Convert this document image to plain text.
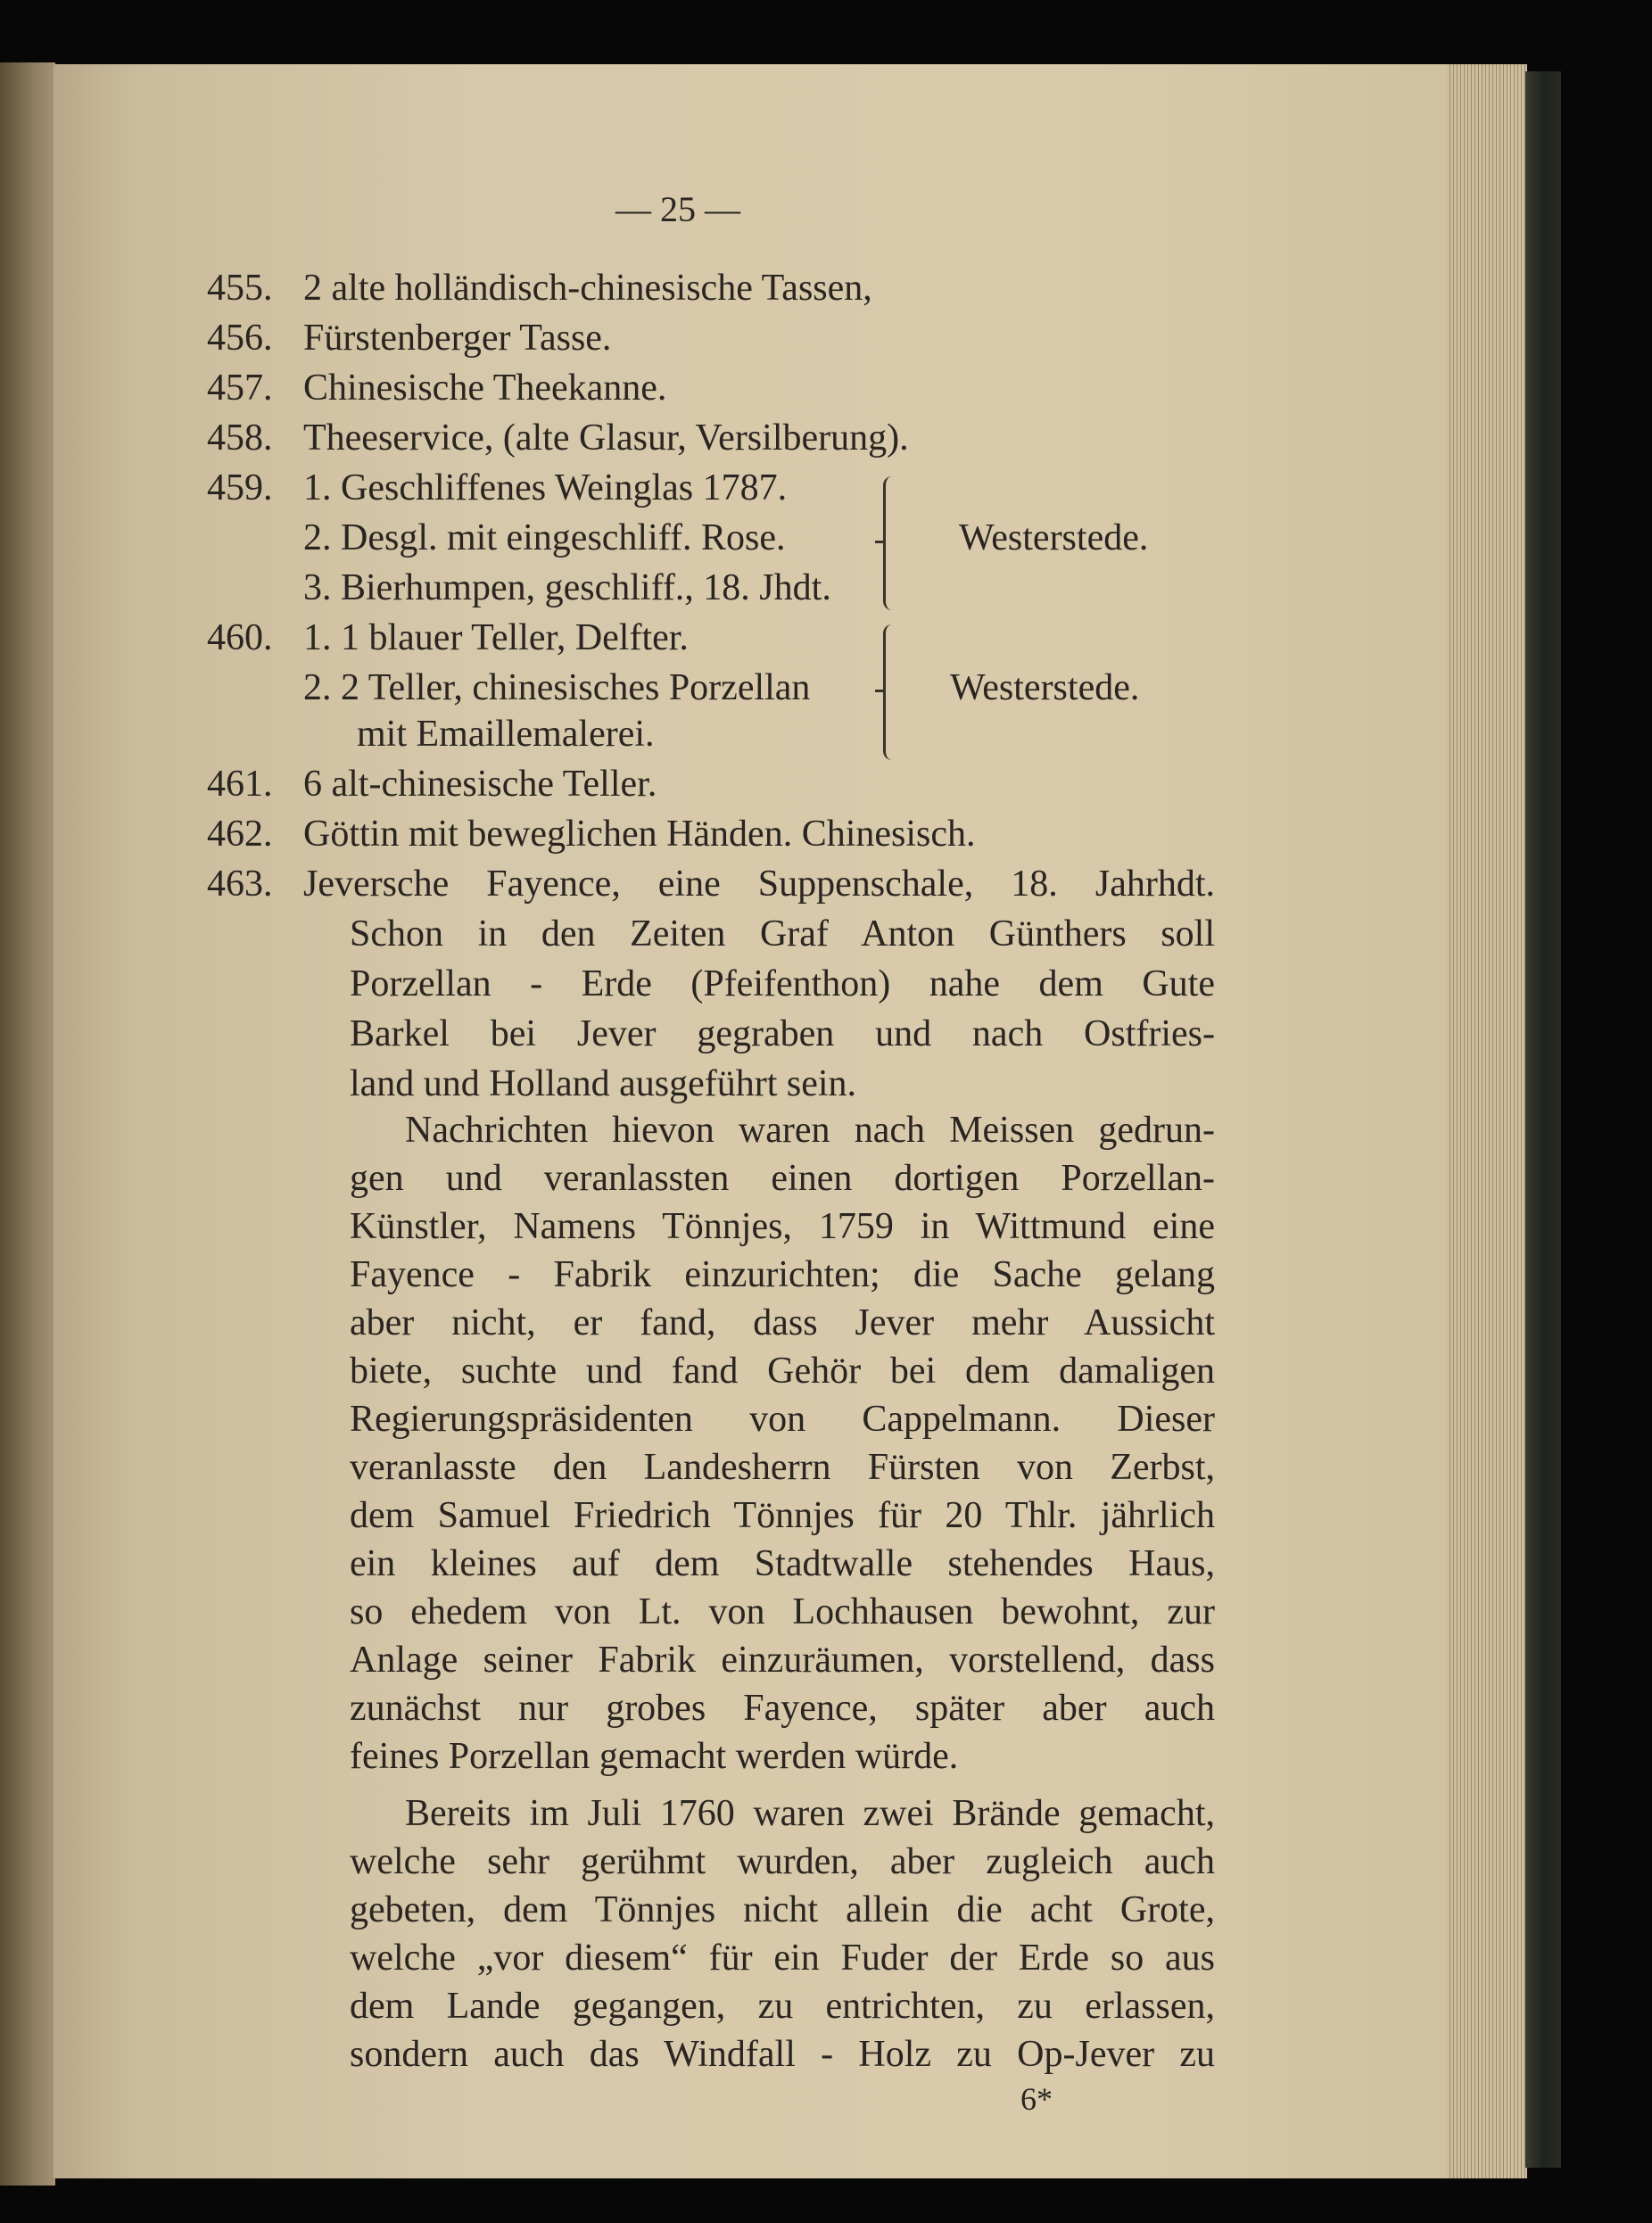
— 25 —

455. 2 alte holländisch-chinesische Tassen,

456. Fürstenberger Tasse.

457. Chinesische Theekanne.

458. Theeservice, (alte Glasur, Versilberung).

459. 1. Geschliffenes Weinglas 1787.

2. Desgl. mit eingeschliff. Rose.

3. Bierhumpen, geschliff., 18. Jhdt.

Westerstede.

460. 1. 1 blauer Teller, Delfter.

2. 2 Teller, chinesisches Porzellan

mit Emaillemalerei.

Westerstede.

461. 6 alt-chinesische Teller.

462. Göttin mit beweglichen Händen. Chinesisch.

463. Jeversche Fayence, eine Suppenschale, 18. Jahrhdt.

Schon in den Zeiten Graf Anton Günthers soll

Porzellan - Erde (Pfeifenthon) nahe dem Gute

Barkel bei Jever gegraben und nach Ostfries-

land und Holland ausgeführt sein.

Nachrichten hievon waren nach Meissen gedrun-

gen und veranlassten einen dortigen Porzellan-

Künstler, Namens Tönnjes, 1759 in Wittmund eine

Fayence - Fabrik einzurichten; die Sache gelang

aber nicht, er fand, dass Jever mehr Aussicht

biete, suchte und fand Gehör bei dem damaligen

Regierungspräsidenten von Cappelmann. Dieser

veranlasste den Landesherrn Fürsten von Zerbst,

dem Samuel Friedrich Tönnjes für 20 Thlr. jährlich

ein kleines auf dem Stadtwalle stehendes Haus,

so ehedem von Lt. von Lochhausen bewohnt, zur

Anlage seiner Fabrik einzuräumen, vorstellend, dass

zunächst nur grobes Fayence, später aber auch

feines Porzellan gemacht werden würde.

Bereits im Juli 1760 waren zwei Brände gemacht,

welche sehr gerühmt wurden, aber zugleich auch

gebeten, dem Tönnjes nicht allein die acht Grote,

welche „vor diesem“ für ein Fuder der Erde so aus

dem Lande gegangen, zu entrichten, zu erlassen,

sondern auch das Windfall - Holz zu Op-Jever zu

6*
